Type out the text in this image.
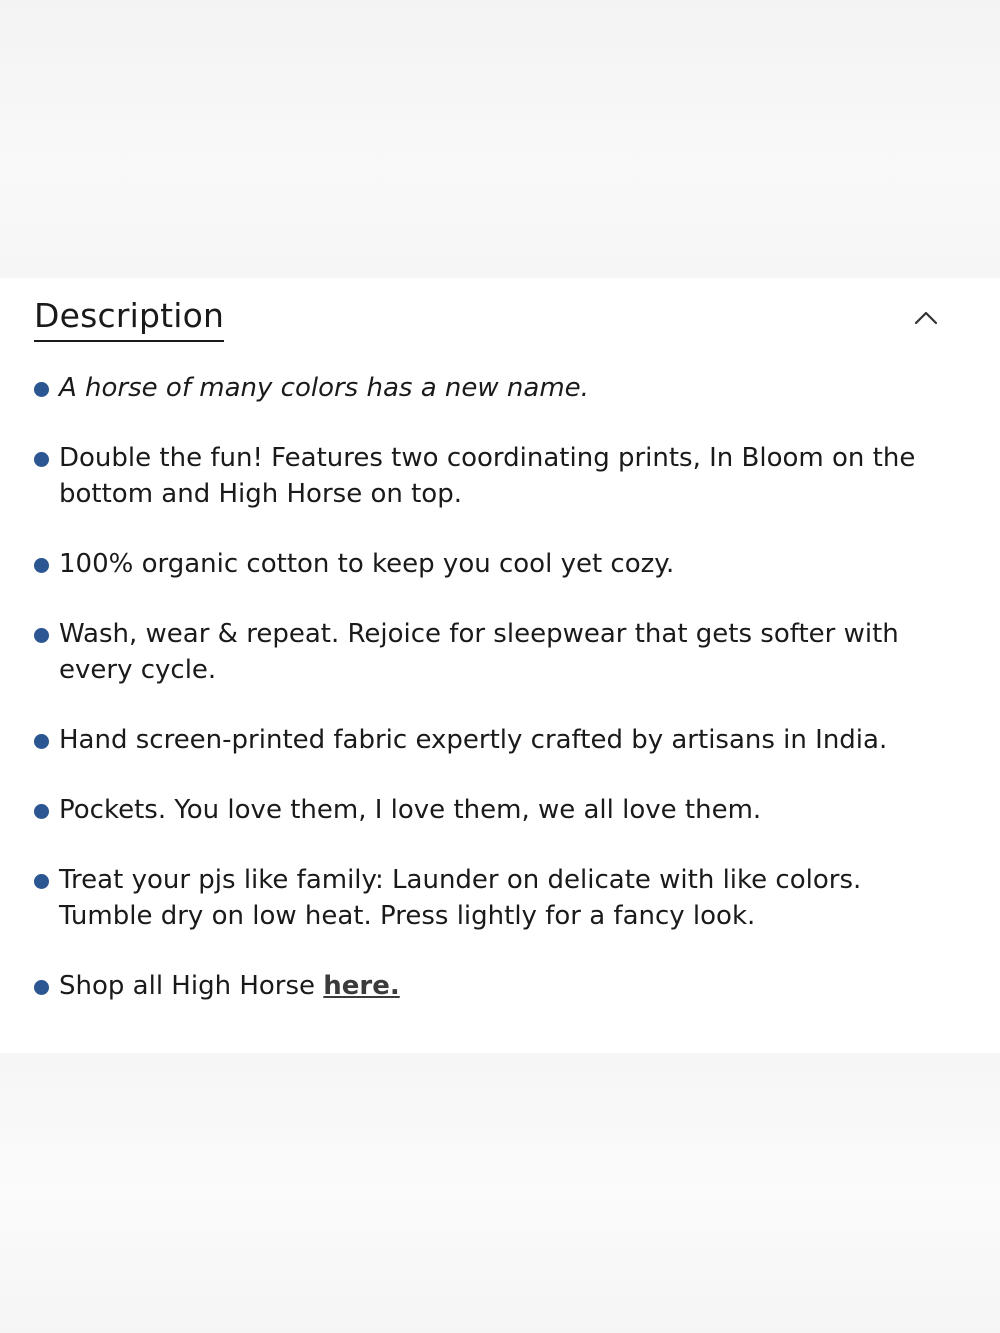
Description
A horse of many colors has a new name.
Double the fun! Features two coordinating prints, In Bloom on the bottom and High Horse on top.
100% organic cotton to keep you cool yet cozy.
Wash, wear & repeat. Rejoice for sleepwear that gets softer with every cycle.
Hand screen-printed fabric expertly crafted by artisans in India.
Pockets. You love them, I love them, we all love them.
Treat your pjs like family: Launder on delicate with like colors. Tumble dry on low heat. Press lightly for a fancy look.
Shop all High Horse here.
